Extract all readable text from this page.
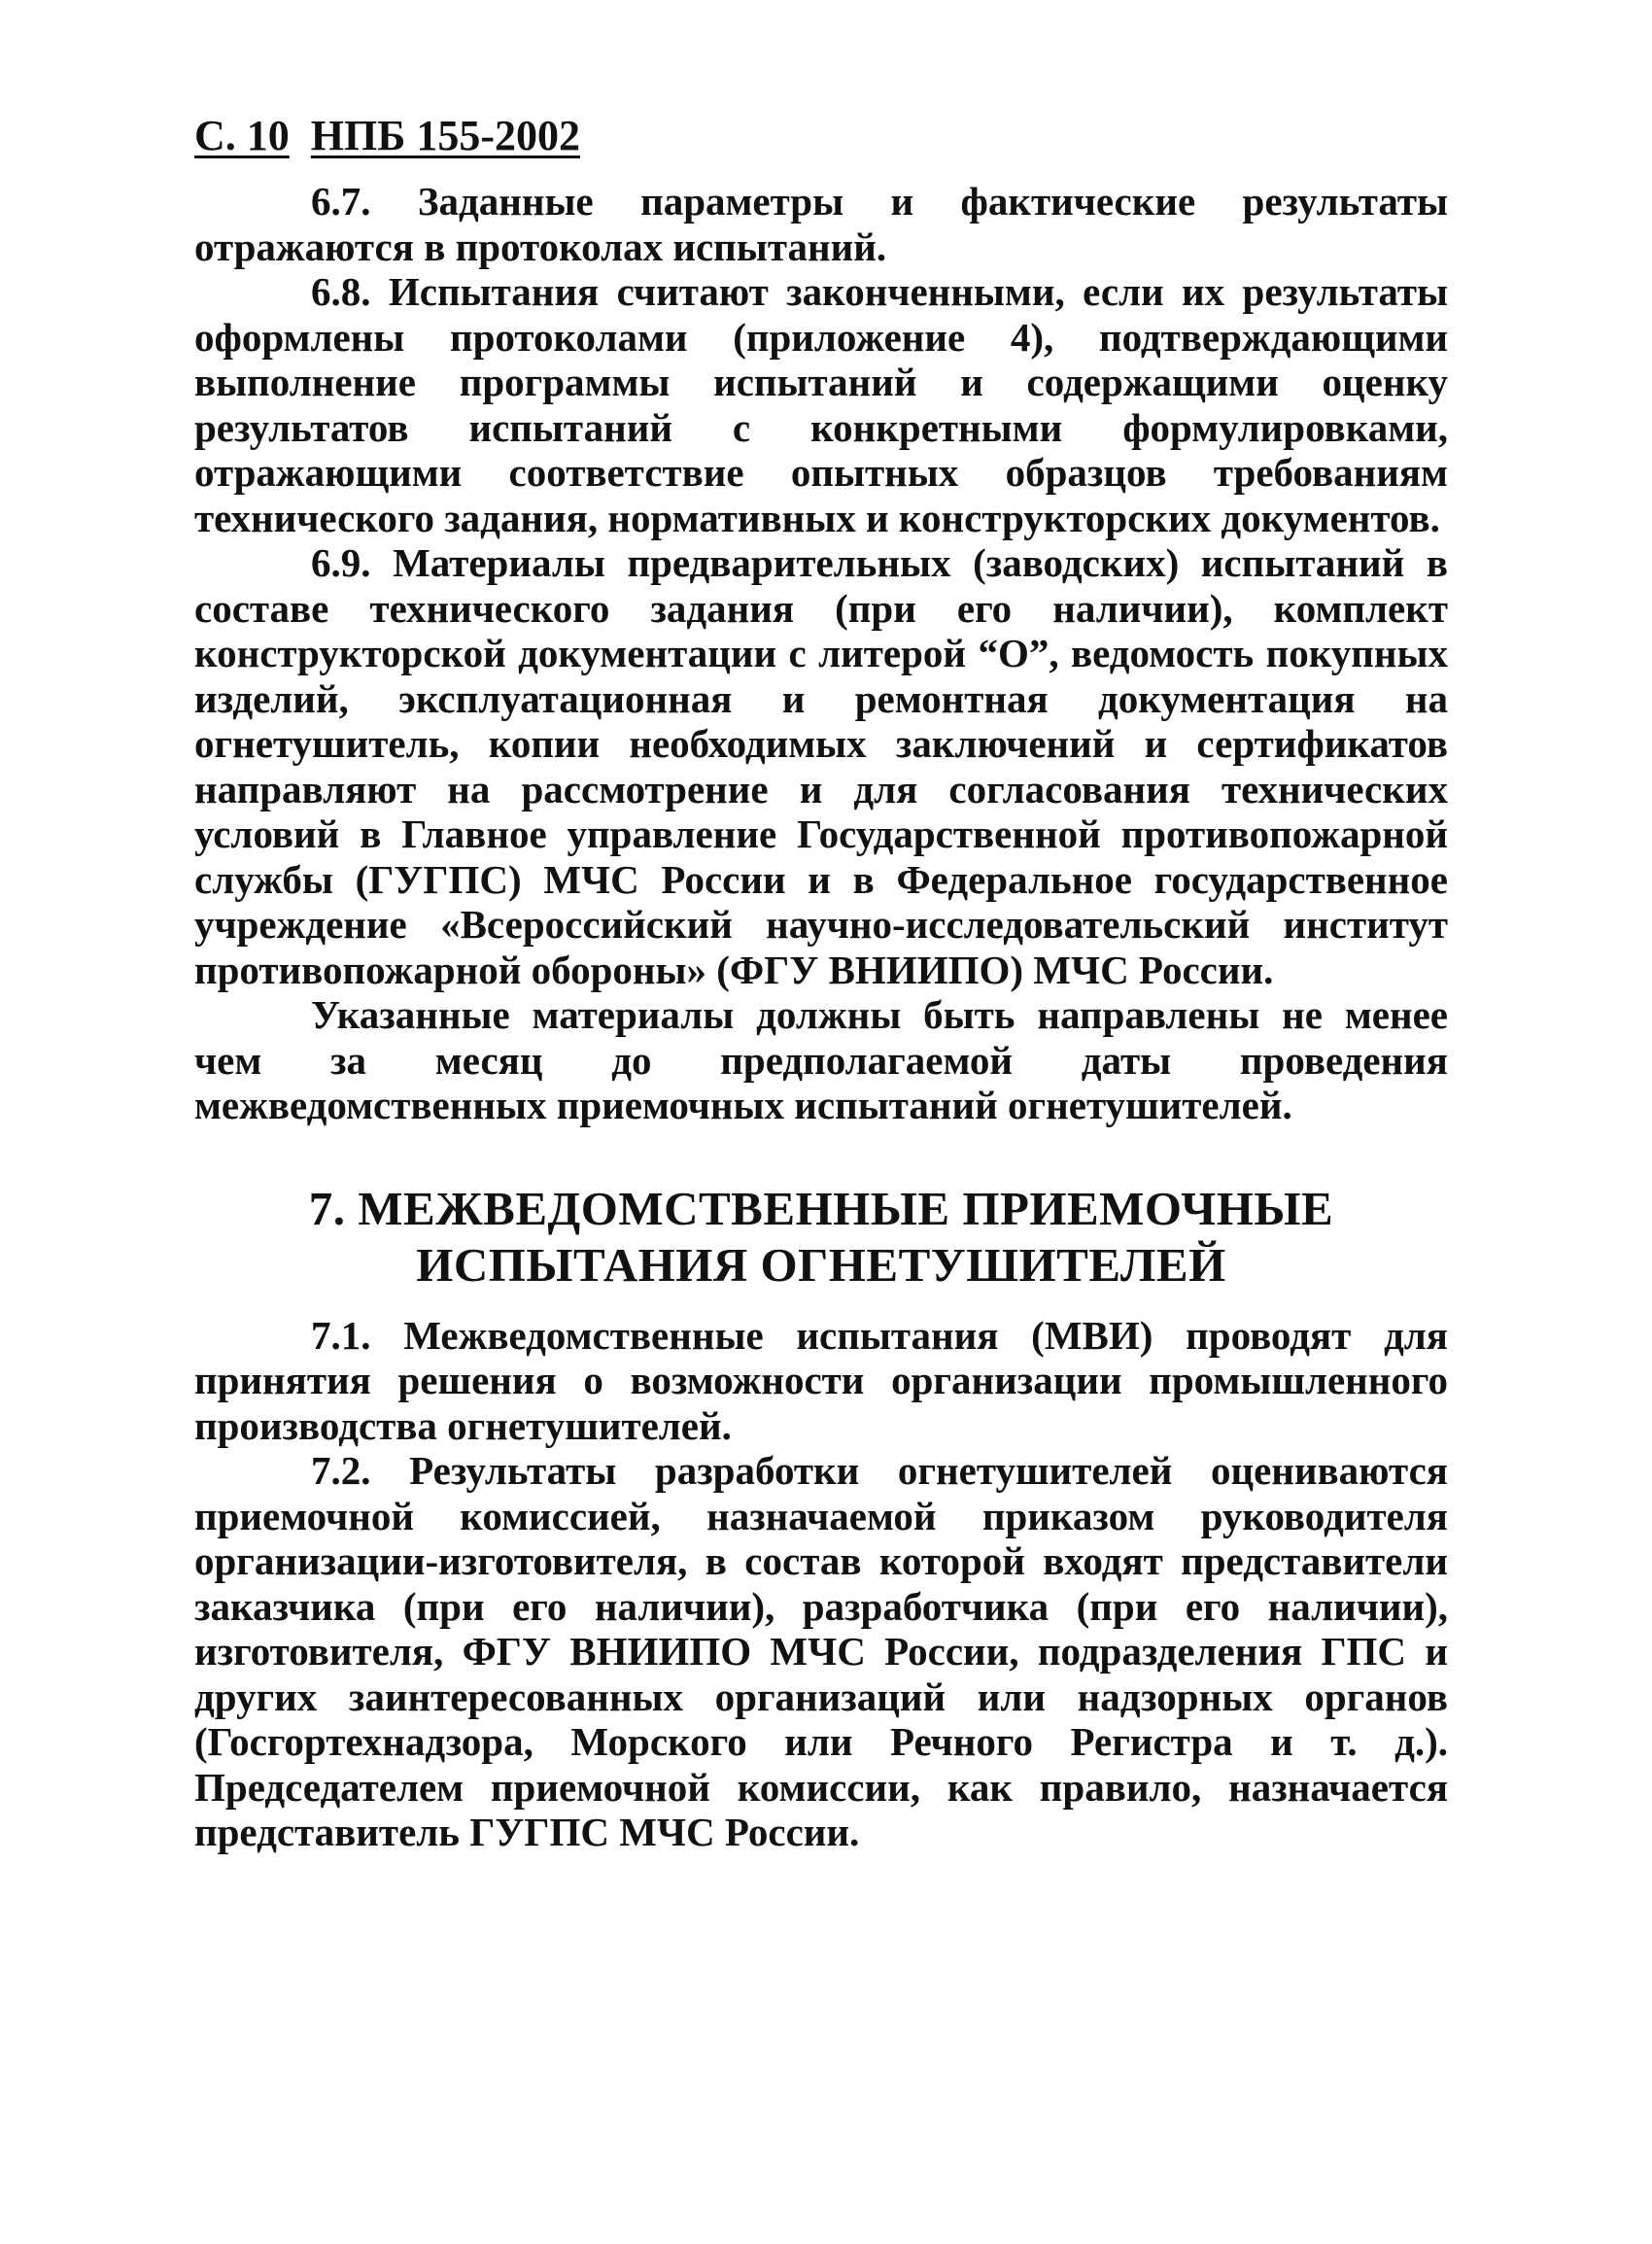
С. 10 НПБ 155-2002

6.7. Заданные параметры и фактические результаты отражаются в протоколах испытаний.

6.8. Испытания считают законченными, если их результаты оформлены протоколами (приложение 4), подтверждающими выполнение программы испытаний и содержащими оценку результатов испытаний с конкретными формулировками, отражающими соответствие опытных образцов требованиям технического задания, нормативных и конструкторских документов.

6.9. Материалы предварительных (заводских) испытаний в составе технического задания (при его наличии), комплект конструкторской документации с литерой “О”, ведомость покупных изделий, эксплуатационная и ремонтная документация на огнетушитель, копии необходимых заключений и сертификатов направляют на рассмотрение и для согласования технических условий в Главное управление Государственной противопожарной службы (ГУГПС) МЧС России и в Федеральное государственное учреждение «Всероссийский научно-исследовательский институт противопожарной обороны» (ФГУ ВНИИПО) МЧС России.

Указанные материалы должны быть направлены не менее чем за месяц до предполагаемой даты проведения межведомственных приемочных испытаний огнетушителей.

7. МЕЖВЕДОМСТВЕННЫЕ ПРИЕМОЧНЫЕ
ИСПЫТАНИЯ ОГНЕТУШИТЕЛЕЙ

7.1. Межведомственные испытания (МВИ) проводят для принятия решения о возможности организации промышленного производства огнетушителей.

7.2. Результаты разработки огнетушителей оцениваются приемочной комиссией, назначаемой приказом руководителя организации-изготовителя, в состав которой входят представители заказчика (при его наличии), разработчика (при его наличии), изготовителя, ФГУ ВНИИПО МЧС России, подразделения ГПС и других заинтересованных организаций или надзорных органов (Госгортехнадзора, Морского или Речного Регистра и т. д.). Председателем приемочной комиссии, как правило, назначается представитель ГУГПС МЧС России.
